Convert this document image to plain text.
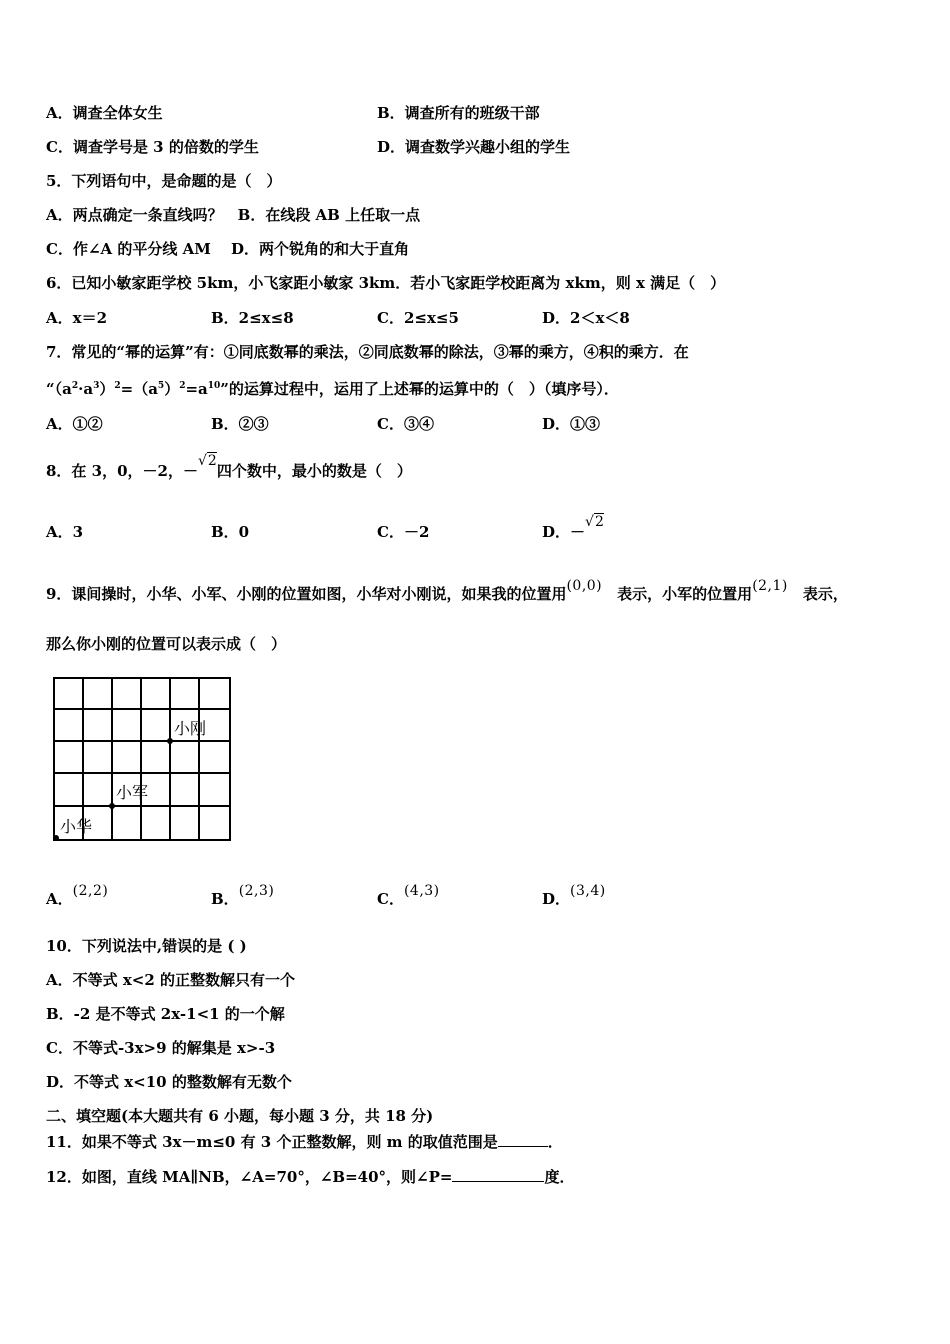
A．调查全体女生	B．调查所有的班级干部
C．调查学号是 3 的倍数的学生	D．调查数学兴趣小组的学生
5．下列语句中，是命题的是（　）
A．两点确定一条直线吗？　B．在线段 AB 上任取一点
C．作∠A 的平分线 AM　 D．两个锐角的和大于直角
6．已知小敏家距学校 5km，小飞家距小敏家 3km．若小飞家距学校距离为 xkm，则 x 满足（　）
A．x＝2	B．2≤x≤8	C．2≤x≤5	D．2＜x＜8
7．常见的“幂的运算”有：①同底数幂的乘法，②同底数幂的除法，③幂的乘方，④积的乘方．在
“$(a^2\cdot a^3)^2=(a^5)^2=a^{10}$”的运算过程中，运用了上述幂的运算中的（　）（填序号）．
A．①②	B．②③	C．③④	D．①③
8．在 3，0，－2，－√2四个数中，最小的数是（　）
A．3	B．0	C．－2	D．－√2
9．课间操时，小华、小军、小刚的位置如图，小华对小刚说，如果我的位置用(0,0)　 表示，小军的位置用(2,1)　 表示，
那么你小刚的位置可以表示成（　）
小刚
小军
小华
A．(2,2)	B．(2,3)	C．(4,3)	D．(3,4)
10．下列说法中,错误的是 ( )
A．不等式 x<2 的正整数解只有一个
B．-2 是不等式 2x-1<1 的一个解
C．不等式-3x>9 的解集是 x>-3
D．不等式 x<10 的整数解有无数个
二、填空题(本大题共有 6 小题，每小题 3 分，共 18 分)
11．如果不等式 3x－m≤0 有 3 个正整数解，则 m 的取值范围是	．
12．如图，直线 MA∥NB，∠A=70°，∠B=40°，则∠P=	度．
